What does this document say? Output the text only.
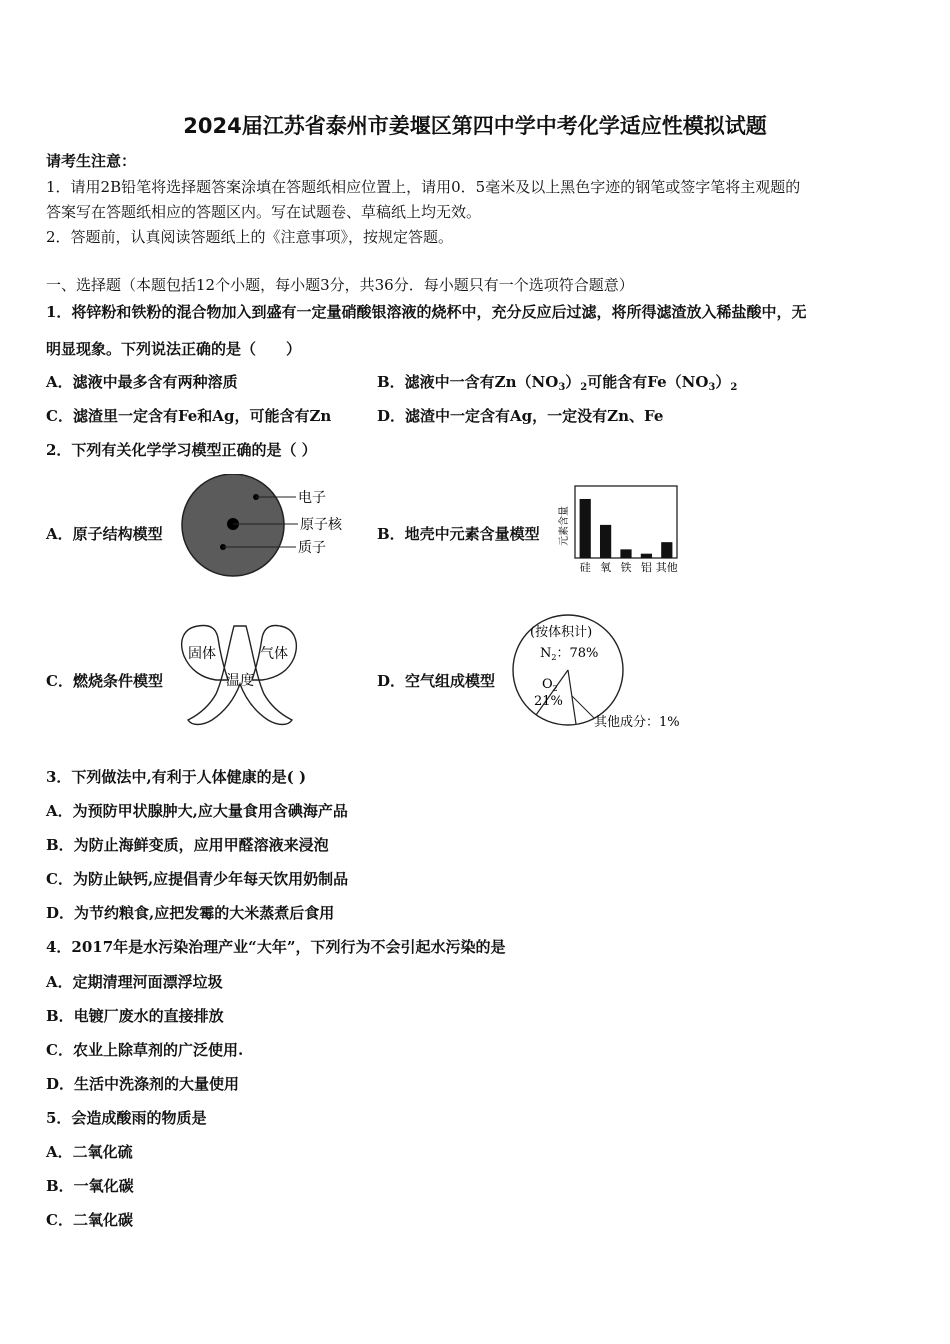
2024届江苏省泰州市姜堰区第四中学中考化学适应性模拟试题
请考生注意：
1．请用2B铅笔将选择题答案涂填在答题纸相应位置上，请用0．5毫米及以上黑色字迹的钢笔或签字笔将主观题的
答案写在答题纸相应的答题区内。写在试题卷、草稿纸上均无效。
2．答题前，认真阅读答题纸上的《注意事项》，按规定答题。
一、选择题（本题包括12个小题，每小题3分，共36分．每小题只有一个选项符合题意）
1．将锌粉和铁粉的混合物加入到盛有一定量硝酸银溶液的烧杯中，充分反应后过滤，将所得滤渣放入稀盐酸中，无
明显现象。下列说法正确的是（　　）
A．滤液中最多含有两种溶质	B．滤液中一含有$Zn(NO_3)_2$可能含有$Fe(NO_3)_2$
C．滤渣里一定含有Fe和Ag，可能含有Zn	D．滤渣中一定含有Ag，一定没有Zn、Fe
2．下列有关化学学习模型正确的是（ ）
A．原子结构模型
电子
原子核
质子
B．地壳中元素含量模型 元素含量
硅 氧 铁 铝 其他
C．燃烧条件模型
固体	气体
温度	D．空气组成模型
(按体积计)
$N_2$：78%
$O_2$
21%
其他成分：1%
3．下列做法中,有利于人体健康的是( )
A．为预防甲状腺肿大,应大量食用含碘海产品
B．为防止海鲜变质，应用甲醛溶液来浸泡
C．为防止缺钙,应提倡青少年每天饮用奶制品
D．为节约粮食,应把发霉的大米蒸煮后食用
4．2017年是水污染治理产业“大年”，下列行为不会引起水污染的是
A．定期清理河面漂浮垃圾
B．电镀厂废水的直接排放
C．农业上除草剂的广泛使用.
D．生活中洗涤剂的大量使用
5．会造成酸雨的物质是
A．二氧化硫
B．一氧化碳
C．二氧化碳
